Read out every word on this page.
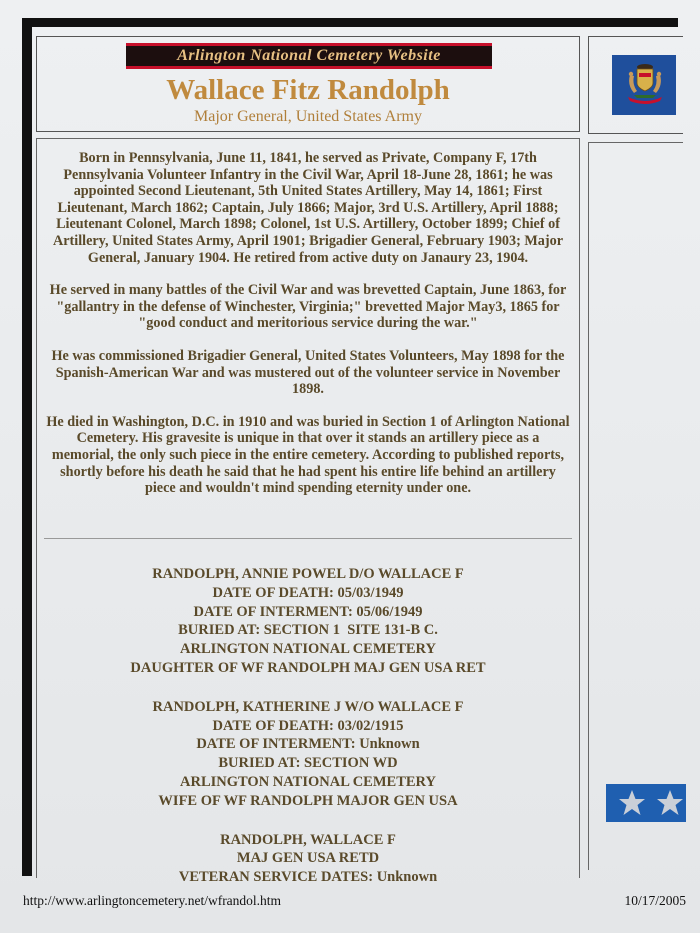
Arlington National Cemetery Website
Wallace Fitz Randolph
Major General, United States Army

Born in Pennsylvania, June 11, 1841, he served as Private, Company F, 17th Pennsylvania Volunteer Infantry in the Civil War, April 18-June 28, 1861; he was appointed Second Lieutenant, 5th United States Artillery, May 14, 1861; First Lieutenant, March 1862; Captain, July 1866; Major, 3rd U.S. Artillery, April 1888; Lieutenant Colonel, March 1898; Colonel, 1st U.S. Artillery, October 1899; Chief of Artillery, United States Army, April 1901; Brigadier General, February 1903; Major General, January 1904. He retired from active duty on Janaury 23, 1904.

He served in many battles of the Civil War and was brevetted Captain, June 1863, for "gallantry in the defense of Winchester, Virginia;" brevetted Major May3, 1865 for "good conduct and meritorious service during the war."

He was commissioned Brigadier General, United States Volunteers, May 1898 for the Spanish-American War and was mustered out of the volunteer service in November 1898.

He died in Washington, D.C. in 1910 and was buried in Section 1 of Arlington National Cemetery. His gravesite is unique in that over it stands an artillery piece as a memorial, the only such piece in the entire cemetery. According to published reports, shortly before his death he said that he had spent his entire life behind an artillery piece and wouldn't mind spending eternity under one.

RANDOLPH, ANNIE POWEL D/O WALLACE F
DATE OF DEATH: 05/03/1949
DATE OF INTERMENT: 05/06/1949
BURIED AT: SECTION 1  SITE 131-B C.
ARLINGTON NATIONAL CEMETERY
DAUGHTER OF WF RANDOLPH MAJ GEN USA RET
RANDOLPH, KATHERINE J W/O WALLACE F
DATE OF DEATH: 03/02/1915
DATE OF INTERMENT: Unknown
BURIED AT: SECTION WD
ARLINGTON NATIONAL CEMETERY
WIFE OF WF RANDOLPH MAJOR GEN USA
RANDOLPH, WALLACE F
MAJ GEN USA RETD
VETERAN SERVICE DATES: Unknown
http://www.arlingtoncemetery.net/wfrandol.htm	10/17/2005
